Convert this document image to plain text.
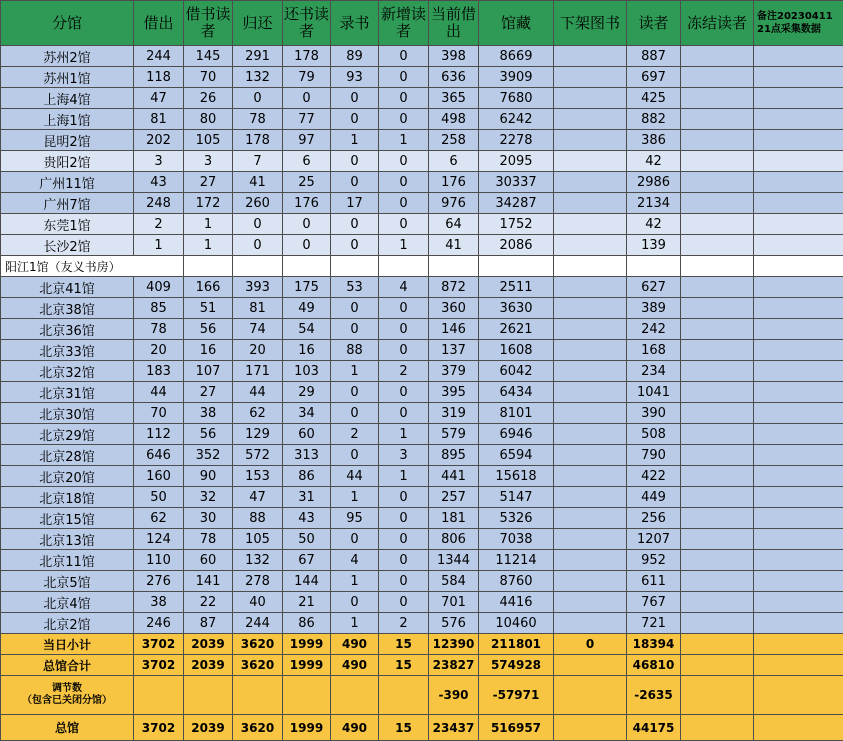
分馆	借出	借书读者	归还	还书读者	录书	新增读者	当前借出	馆藏	下架图书	读者	冻结读者	备注20230411 21点采集数据
苏州2馆	244	145	291	178	89	0	398	8669		887		
苏州1馆	118	70	132	79	93	0	636	3909		697		
上海4馆	47	26	0	0	0	0	365	7680		425		
上海1馆	81	80	78	77	0	0	498	6242		882		
昆明2馆	202	105	178	97	1	1	258	2278		386		
贵阳2馆	3	3	7	6	0	0	6	2095		42		
广州11馆	43	27	41	25	0	0	176	30337		2986		
广州7馆	248	172	260	176	17	0	976	34287		2134		
东莞1馆	2	1	0	0	0	0	64	1752		42		
长沙2馆	1	1	0	0	0	1	41	2086		139		
阳江1馆（友义书房）												
北京41馆	409	166	393	175	53	4	872	2511		627		
北京38馆	85	51	81	49	0	0	360	3630		389		
北京36馆	78	56	74	54	0	0	146	2621		242		
北京33馆	20	16	20	16	88	0	137	1608		168		
北京32馆	183	107	171	103	1	2	379	6042		234		
北京31馆	44	27	44	29	0	0	395	6434		1041		
北京30馆	70	38	62	34	0	0	319	8101		390		
北京29馆	112	56	129	60	2	1	579	6946		508		
北京28馆	646	352	572	313	0	3	895	6594		790		
北京20馆	160	90	153	86	44	1	441	15618		422		
北京18馆	50	32	47	31	1	0	257	5147		449		
北京15馆	62	30	88	43	95	0	181	5326		256		
北京13馆	124	78	105	50	0	0	806	7038		1207		
北京11馆	110	60	132	67	4	0	1344	11214		952		
北京5馆	276	141	278	144	1	0	584	8760		611		
北京4馆	38	22	40	21	0	0	701	4416		767		
北京2馆	246	87	244	86	1	2	576	10460		721		
当日小计	3702	2039	3620	1999	490	15	12390	211801	0	18394		
总馆合计	3702	2039	3620	1999	490	15	23827	574928		46810		
调节数
（包含已关闭分馆）							-390	-57971		-2635		
总馆	3702	2039	3620	1999	490	15	23437	516957		44175		
